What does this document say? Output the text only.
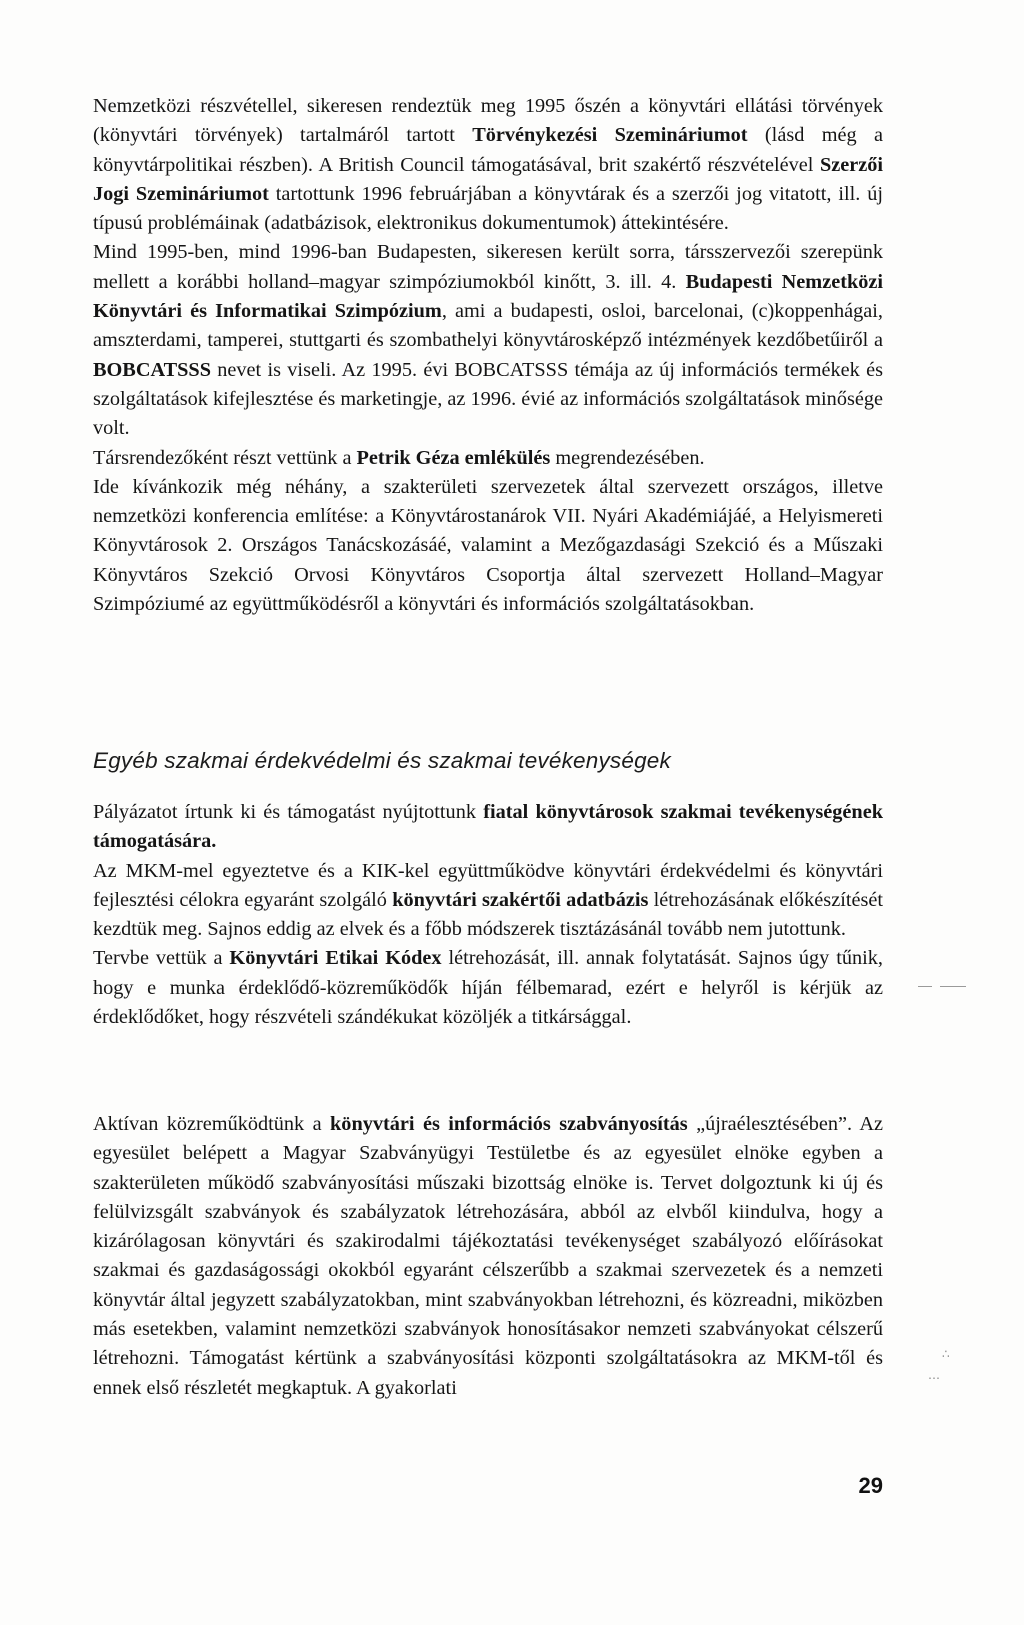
Nemzetközi részvétellel, sikeresen rendeztük meg 1995 őszén a könyvtári ellátási törvények (könyvtári törvények) tartalmáról tartott Törvénykezési Szemináriumot (lásd még a könyvtárpolitikai részben). A British Council támogatásával, brit szakértő részvételével Szerzői Jogi Szemináriumot tartottunk 1996 februárjában a könyvtárak és a szerzői jog vitatott, ill. új típusú problémáinak (adatbázisok, elektronikus dokumentumok) áttekintésére.

Mind 1995-ben, mind 1996-ban Budapesten, sikeresen került sorra, társszervezői szerepünk mellett a korábbi holland–magyar szimpóziumokból kinőtt, 3. ill. 4. Budapesti Nemzetközi Könyvtári és Informatikai Szimpózium, ami a budapesti, osloi, barcelonai, (c)koppenhágai, amszterdami, tamperei, stuttgarti és szombathelyi könyvtárosképző intézmények kezdőbetűiről a BOBCATSSS nevet is viseli. Az 1995. évi BOBCATSSS témája az új információs termékek és szolgáltatások kifejlesztése és marketingje, az 1996. évié az információs szolgáltatások minősége volt.

Társrendezőként részt vettünk a Petrik Géza emlékülés megrendezésében.

Ide kívánkozik még néhány, a szakterületi szervezetek által szervezett országos, illetve nemzetközi konferencia említése: a Könyvtárostanárok VII. Nyári Akadémiájáé, a Helyismereti Könyvtárosok 2. Országos Tanácskozásáé, valamint a Mezőgazdasági Szekció és a Műszaki Könyvtáros Szekció Orvosi Könyvtáros Csoportja által szervezett Holland–Magyar Szimpóziumé az együttműködésről a könyvtári és információs szolgáltatásokban.

Egyéb szakmai érdekvédelmi és szakmai tevékenységek

Pályázatot írtunk ki és támogatást nyújtottunk fiatal könyvtárosok szakmai tevékenységének támogatására.

Az MKM-mel egyeztetve és a KIK-kel együttműködve könyvtári érdekvédelmi és könyvtári fejlesztési célokra egyaránt szolgáló könyvtári szakértői adatbázis létrehozásának előkészítését kezdtük meg. Sajnos eddig az elvek és a főbb módszerek tisztázásánál tovább nem jutottunk.

Tervbe vettük a Könyvtári Etikai Kódex létrehozását, ill. annak folytatását. Sajnos úgy tűnik, hogy e munka érdeklődő-közreműködők híján félbemarad, ezért e helyről is kérjük az érdeklődőket, hogy részvételi szándékukat közöljék a titkársággal.

Aktívan közreműködtünk a könyvtári és információs szabványosítás „újraélesztésében”. Az egyesület belépett a Magyar Szabványügyi Testületbe és az egyesület elnöke egyben a szakterületen működő szabványosítási műszaki bizottság elnöke is. Tervet dolgoztunk ki új és felülvizsgált szabványok és szabályzatok létrehozására, abból az elvből kiindulva, hogy a kizárólagosan könyvtári és szakirodalmi tájékoztatási tevékenységet szabályozó előírásokat szakmai és gazdaságossági okokból egyaránt célszerűbb a szakmai szervezetek és a nemzeti könyvtár által jegyzett szabályzatokban, mint szabványokban létrehozni, és közreadni, miközben más esetekben, valamint nemzetközi szabványok honosításakor nemzeti szabványokat célszerű létrehozni. Támogatást kértünk a szabványosítási központi szolgáltatásokra az MKM-től és ennek első részletét megkaptuk. A gyakorlati

29
∴
⋯
